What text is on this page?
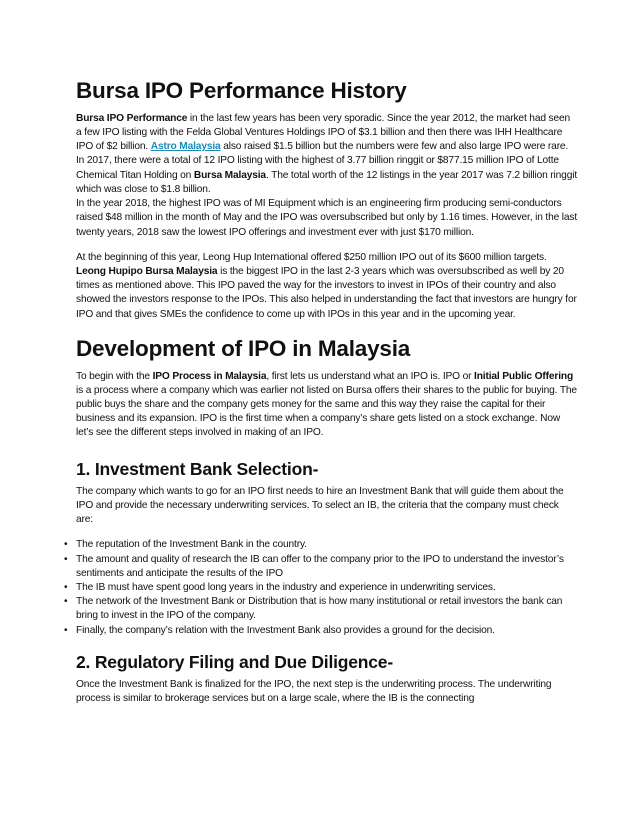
Bursa IPO Performance History

Bursa IPO Performance in the last few years has been very sporadic. Since the year 2012, the market had seen a few IPO listing with the Felda Global Ventures Holdings IPO of $3.1 billion and then there was IHH Healthcare IPO of $2 billion. Astro Malaysia also raised $1.5 billion but the numbers were few and also large IPO were rare. In 2017, there were a total of 12 IPO listing with the highest of 3.77 billion ringgit or $877.15 million IPO of Lotte Chemical Titan Holding on Bursa Malaysia. The total worth of the 12 listings in the year 2017 was 7.2 billion ringgit which was close to $1.8 billion.

In the year 2018, the highest IPO was of MI Equipment which is an engineering firm producing semi-conductors raised $48 million in the month of May and the IPO was oversubscribed but only by 1.16 times. However, in the last twenty years, 2018 saw the lowest IPO offerings and investment ever with just $170 million.

At the beginning of this year, Leong Hup International offered $250 million IPO out of its $600 million targets. Leong Hupipo Bursa Malaysia is the biggest IPO in the last 2-3 years which was oversubscribed as well by 20 times as mentioned above. This IPO paved the way for the investors to invest in IPOs of their country and also showed the investors response to the IPOs. This also helped in understanding the fact that investors are hungry for IPO and that gives SMEs the confidence to come up with IPOs in this year and in the upcoming year.

Development of IPO in Malaysia

To begin with the IPO Process in Malaysia, first lets us understand what an IPO is. IPO or Initial Public Offering is a process where a company which was earlier not listed on Bursa offers their shares to the public for buying. The public buys the share and the company gets money for the same and this way they raise the capital for their business and its expansion. IPO is the first time when a company’s share gets listed on a stock exchange. Now let’s see the different steps involved in making of an IPO.

1. Investment Bank Selection-

The company which wants to go for an IPO first needs to hire an Investment Bank that will guide them about the IPO and provide the necessary underwriting services. To select an IB, the criteria that the company must check are:

• The reputation of the Investment Bank in the country.
• The amount and quality of research the IB can offer to the company prior to the IPO to understand the investor’s sentiments and anticipate the results of the IPO
• The IB must have spent good long years in the industry and experience in underwriting services.
• The network of the Investment Bank or Distribution that is how many institutional or retail investors the bank can bring to invest in the IPO of the company.
• Finally, the company’s relation with the Investment Bank also provides a ground for the decision.
2. Regulatory Filing and Due Diligence-

Once the Investment Bank is finalized for the IPO, the next step is the underwriting process. The underwriting process is similar to brokerage services but on a large scale, where the IB is the connecting
